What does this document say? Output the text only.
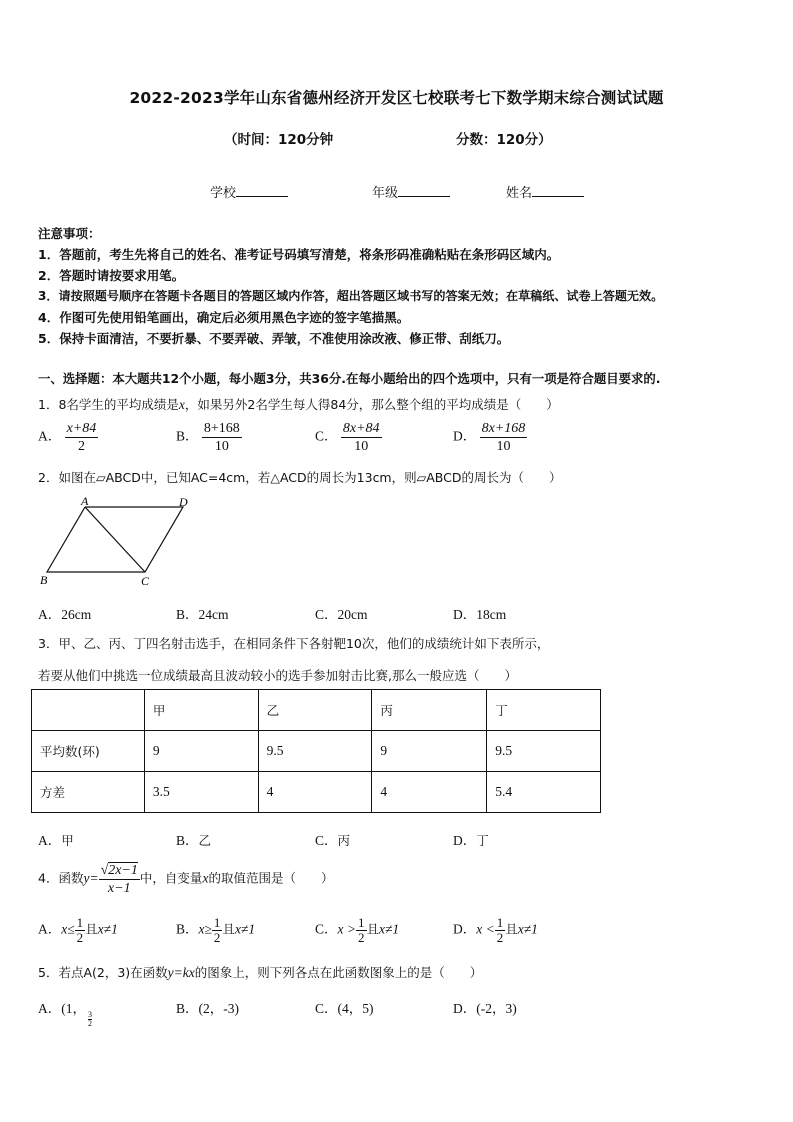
2022-2023学年山东省德州经济开发区七校联考七下数学期末综合测试试题
（时间：120分钟	分数：120分）
学校	年级	姓名
注意事项：
1．答题前，考生先将自己的姓名、准考证号码填写清楚，将条形码准确粘贴在条形码区域内。
2．答题时请按要求用笔。
3．请按照题号顺序在答题卡各题目的答题区域内作答，超出答题区域书写的答案无效；在草稿纸、试卷上答题无效。
4．作图可先使用铅笔画出，确定后必须用黑色字迹的签字笔描黑。
5．保持卡面清洁，不要折暴、不要弄破、弄皱，不准使用涂改液、修正带、刮纸刀。
一、选择题：本大题共12个小题，每小题3分，共36分.在每小题给出的四个选项中，只有一项是符合题目要求的.
1．8名学生的平均成绩是x，如果另外2名学生每人得84分，那么整个组的平均成绩是（　　）
A． $\frac{x+84}{2}$	B． $\frac{8+168}{10}$	C． $\frac{8x+84}{10}$	D． $\frac{8x+168}{10}$
2．如图在▱ABCD中，已知AC=4cm，若△ACD的周长为13cm，则▱ABCD的周长为（　　）
A	D
B	C
A．26cm	B．24cm	C．20cm	D．18cm
3．甲、乙、丙、丁四名射击选手，在相同条件下各射靶10次，他们的成绩统计如下表所示，
若要从他们中挑选一位成绩最高且波动较小的选手参加射击比赛,那么一般应选（　　）
	甲	乙	丙	丁
平均数(环)	9	9.5	9	9.5
方差	3.5	4	4	5.4
A．甲	B．乙	C．丙	D．丁
4．函数$y= \frac{√2x-1}{x-1}$ 中，自变量x的取值范围是（　　）
A．$x\le \frac{1}{2}$ 且x≠1	B．$x\ge \frac{1}{2}$ 且x≠1	C．$x > \frac{1}{2}$ 且x≠1	D．$x < \frac{1}{2}$ 且x≠1
5．若点A(2，3)在函数y=kx的图象上，则下列各点在此函数图象上的是（　　）
A．(1， 3
2
B．(2，-3)	C．(4，5)	D．(-2，3)
